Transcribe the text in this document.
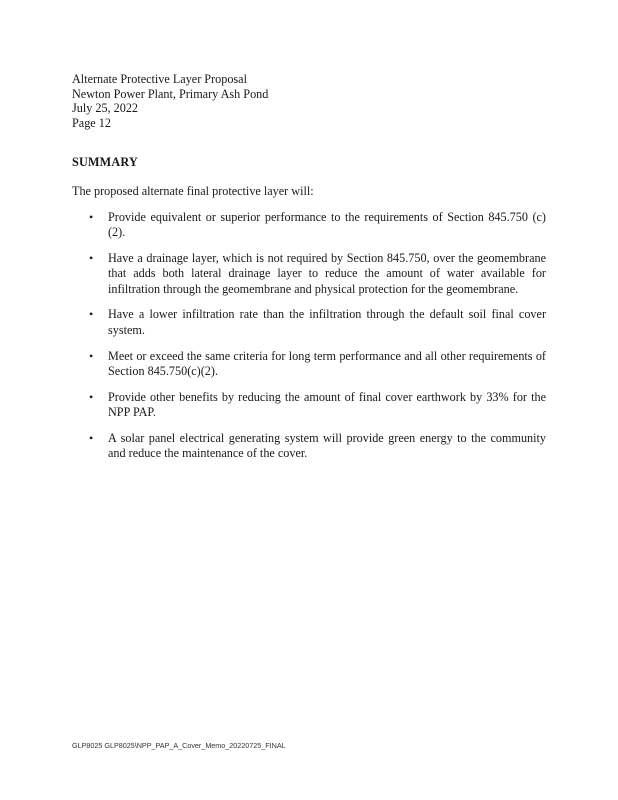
Alternate Protective Layer Proposal
Newton Power Plant, Primary Ash Pond
July 25, 2022
Page 12
SUMMARY
The proposed alternate final protective layer will:
• Provide equivalent or superior performance to the requirements of Section 845.750 (c)(2).
• Have a drainage layer, which is not required by Section 845.750, over the geomembrane that adds both lateral drainage layer to reduce the amount of water available for infiltration through the geomembrane and physical protection for the geomembrane.
• Have a lower infiltration rate than the infiltration through the default soil final cover system.
• Meet or exceed the same criteria for long term performance and all other requirements of Section 845.750(c)(2).
• Provide other benefits by reducing the amount of final cover earthwork by 33% for the NPP PAP.
• A solar panel electrical generating system will provide green energy to the community and reduce the maintenance of the cover.
GLP8025 GLP8025\NPP_PAP_A_Cover_Memo_20220725_FINAL
